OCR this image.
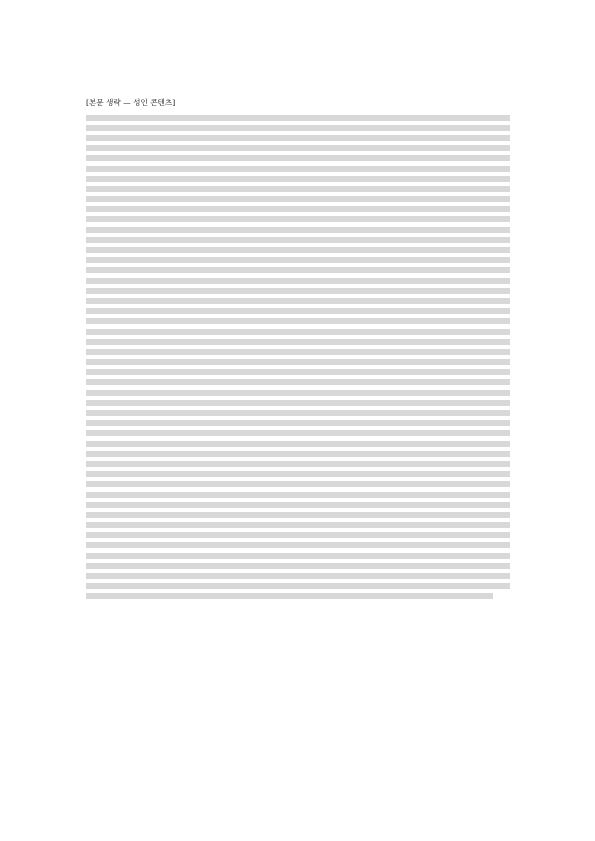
[본문 생략 — 성인 콘텐츠]
